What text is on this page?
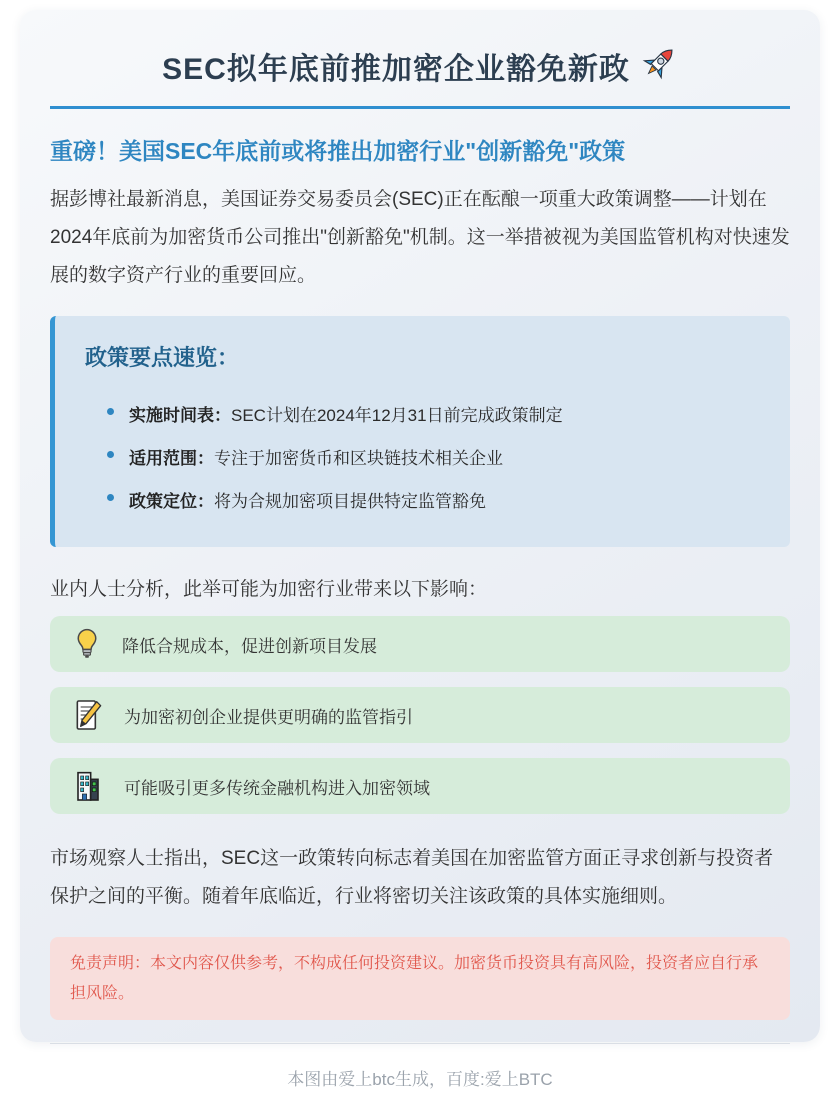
SEC拟年底前推加密企业豁免新政
重磅！美国SEC年底前或将推出加密行业"创新豁免"政策

据彭博社最新消息，美国证券交易委员会(SEC)正在酝酿一项重大政策调整——计划在2024年底前为加密货币公司推出"创新豁免"机制。这一举措被视为美国监管机构对快速发展的数字资产行业的重要回应。

政策要点速览：
实施时间表：SEC计划在2024年12月31日前完成政策制定
适用范围：专注于加密货币和区块链技术相关企业
政策定位：将为合规加密项目提供特定监管豁免

业内人士分析，此举可能为加密行业带来以下影响：

降低合规成本，促进创新项目发展
为加密初创企业提供更明确的监管指引
可能吸引更多传统金融机构进入加密领域

市场观察人士指出，SEC这一政策转向标志着美国在加密监管方面正寻求创新与投资者保护之间的平衡。随着年底临近，行业将密切关注该政策的具体实施细则。

免责声明：本文内容仅供参考，不构成任何投资建议。加密货币投资具有高风险，投资者应自行承担风险。
本图由爱上btc生成，百度:爱上BTC
